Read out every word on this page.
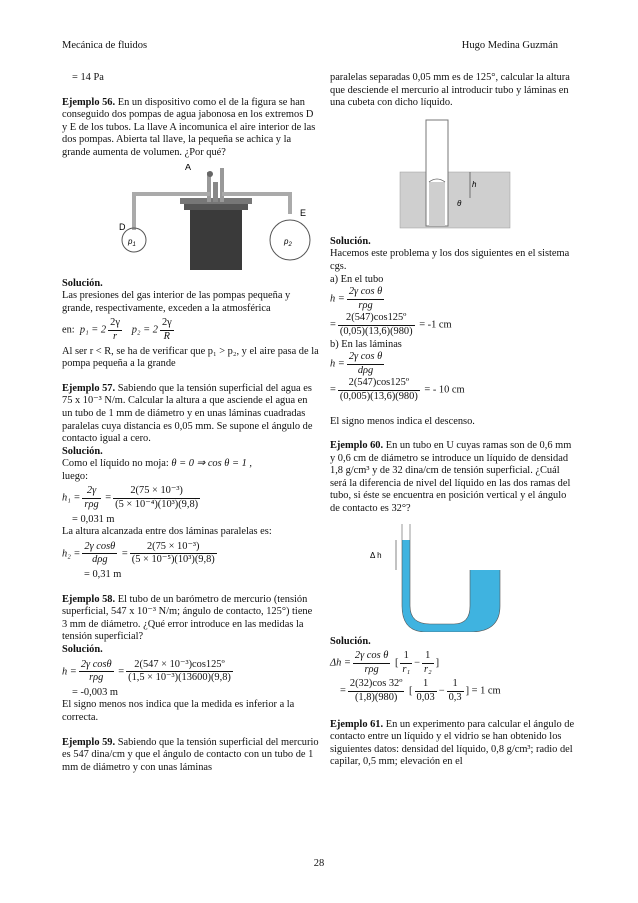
Mecánica de fluidos	Hugo Medina Guzmán

= 14 Pa

Ejemplo 56. En un dispositivo como el de la figura se han conseguido dos pompas de agua jabonosa en los extremos D y E de los tubos. La llave A incomunica el aire interior de las dos pompas. Abierta tal llave, la pequeña se achica y la grande aumenta de volumen. ¿Por qué?

A
D
E
$p_1$	$p_2$

Solución.

Las presiones del gas interior de las pompas pequeña y grande, respectivamente, exceden a la atmosférica

en: $p_1 = 2 \frac{2\gamma}{r} p_2 = 2 \frac{2\gamma}{R}$

Al ser r < R, se ha de verificar que p₁ > p₂, y el aire pasa de la pompa pequeña a la grande

Ejemplo 57. Sabiendo que la tensión superficial del agua es 75 x 10⁻³ N/m. Calcular la altura a que asciende el agua en un tubo de 1 mm de diámetro y en unas láminas cuadradas paralelas cuya distancia es 0,05 mm. Se supone el ángulo de contacto igual a cero.

Solución.

Como el líquido no moja: θ = 0 ⇒ cos θ = 1 ,

luego:

$h_1 = \frac{2\gamma}{\text{rρg}} = \frac{\text{2(75 × 10⁻³)}}{\text{(5 × 10⁻⁴)(10³)(9,8)}}$

= 0,031 m

La altura alcanzada entre dos láminas paralelas es:

$h_2 = \frac{\text{2γ cosθ}}{\text{dρg}} = \frac{\text{2(75 × 10⁻³)}}{\text{(5 × 10⁻⁵)(10³)(9,8)}}$

= 0,31 m

Ejemplo 58. El tubo de un barómetro de mercurio (tensión superficial, 547 x 10⁻³ N/m; ángulo de contacto, 125°) tiene 3 mm de diámetro. ¿Qué error introduce en las medidas la tensión superficial?

Solución.

$h = \frac{\text{2γ cosθ}}{\text{rρg}} = \frac{\text{2(547 × 10⁻³)cos125º}}{\text{(1,5 × 10⁻³)(13600)(9,8)}}$

= -0,003 m

El signo menos nos indica que la medida es inferior a la correcta.

Ejemplo 59. Sabiendo que la tensión superficial del mercurio es 547 dina/cm y que el ángulo de contacto con un tubo de 1 mm de diámetro y con unas láminas

paralelas separadas 0,05 mm es de 125°, calcular la altura que desciende el mercurio al introducir tubo y láminas en una cubeta con dicho líquido.

h
θ

Solución.

Hacemos este problema y los dos siguientes en el sistema cgs.

a) En el tubo

$h = \frac{\text{2γ cos θ}}{\text{rρg}}$

= $\frac{\text{2(547)cos125º}}{(0,05)(13,6)(980)} = -1$ cm

b) En las láminas

$h = \frac{\text{2γ cos θ}}{\text{dρg}}$

= $\frac{\text{2(547)cos125º}}{(0,005)(13,6)(980)}$ = - 10 cm

El signo menos indica el descenso.

Ejemplo 60. En un tubo en U cuyas ramas son de 0,6 mm y 0,6 cm de diámetro se introduce un líquido de densidad 1,8 g/cm³ y de 32 dina/cm de tensión superficial. ¿Cuál será la diferencia de nivel del líquido en las dos ramas del tubo, si éste se encuentra en posición vertical y el ángulo de contacto es 32°?

Δ h

Solución.

$\Delta h = \frac{\text{2γ cos θ}}{\text{rρg}}$ [ $\frac{1}{\text{r₁}} - \frac{1}{\text{r₂}}$ ]

= $\frac{\text{2(32)cos 32º}}{(1,8)(980)}$ [ $\frac{1}{0,03} - \frac{1}{0,3}$ ] = 1 cm

Ejemplo 61. En un experimento para calcular el ángulo de contacto entre un líquido y el vidrio se han obtenido los siguientes datos: densidad del líquido, 0,8 g/cm³; radio del capilar, 0,5 mm; elevación en el

28
